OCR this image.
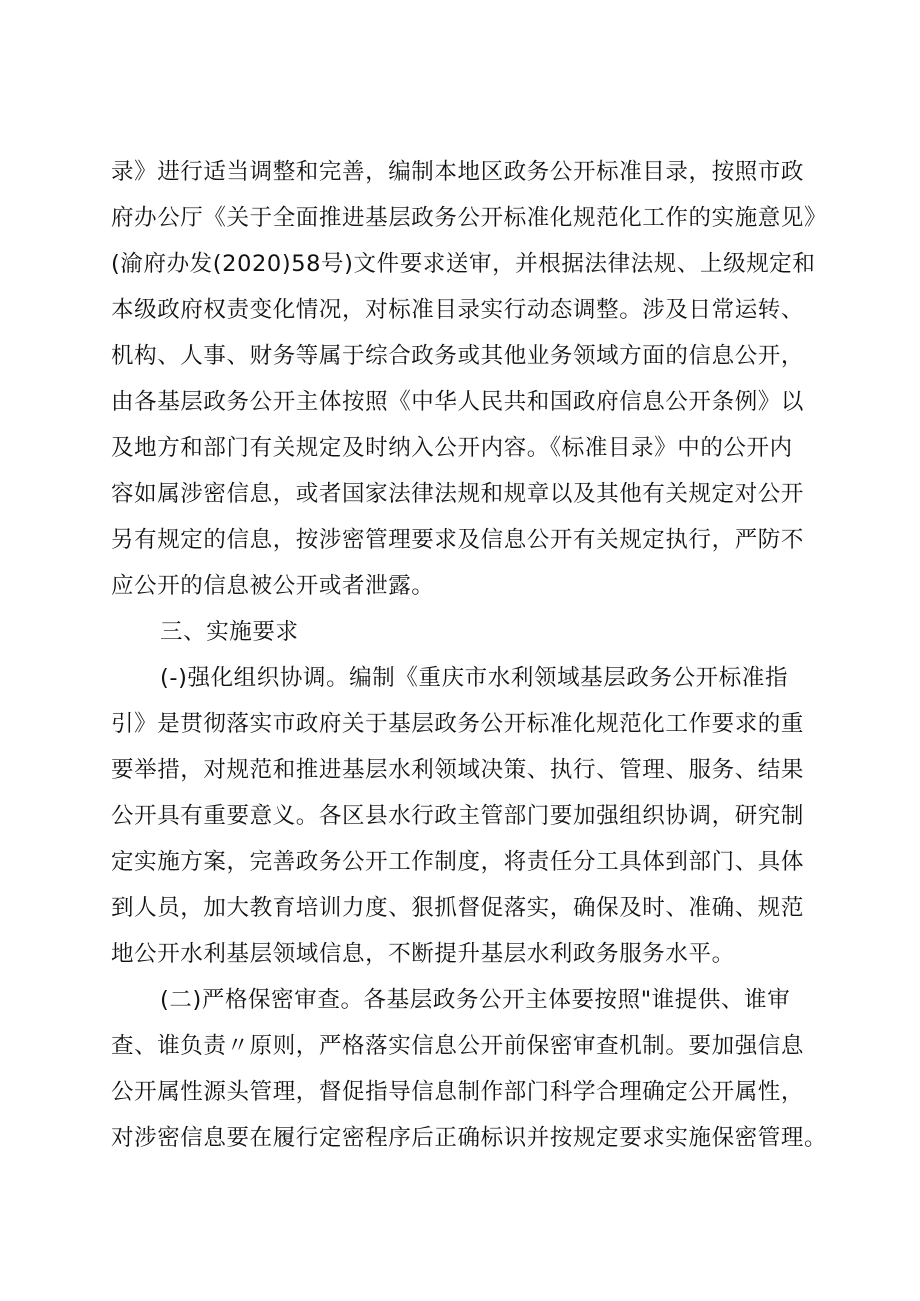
录》进行适当调整和完善，编制本地区政务公开标准目录，按照市政
府办公厅《关于全面推进基层政务公开标准化规范化工作的实施意见》
(渝府办发(2020)58号)文件要求送审，并根据法律法规、上级规定和
本级政府权责变化情况，对标准目录实行动态调整。涉及日常运转、
机构、人事、财务等属于综合政务或其他业务领域方面的信息公开，
由各基层政务公开主体按照《中华人民共和国政府信息公开条例》以
及地方和部门有关规定及时纳入公开内容。《标准目录》中的公开内
容如属涉密信息，或者国家法律法规和规章以及其他有关规定对公开
另有规定的信息，按涉密管理要求及信息公开有关规定执行，严防不
应公开的信息被公开或者泄露。
三、实施要求
(-)强化组织协调。编制《重庆市水利领域基层政务公开标准指
引》是贯彻落实市政府关于基层政务公开标准化规范化工作要求的重
要举措，对规范和推进基层水利领域决策、执行、管理、服务、结果
公开具有重要意义。各区县水行政主管部门要加强组织协调，研究制
定实施方案，完善政务公开工作制度，将责任分工具体到部门、具体
到人员，加大教育培训力度、狠抓督促落实，确保及时、准确、规范
地公开水利基层领域信息，不断提升基层水利政务服务水平。
(二)严格保密审查。各基层政务公开主体要按照"谁提供、谁审
查、谁负责〃原则，严格落实信息公开前保密审查机制。要加强信息
公开属性源头管理，督促指导信息制作部门科学合理确定公开属性，
对涉密信息要在履行定密程序后正确标识并按规定要求实施保密管理。
